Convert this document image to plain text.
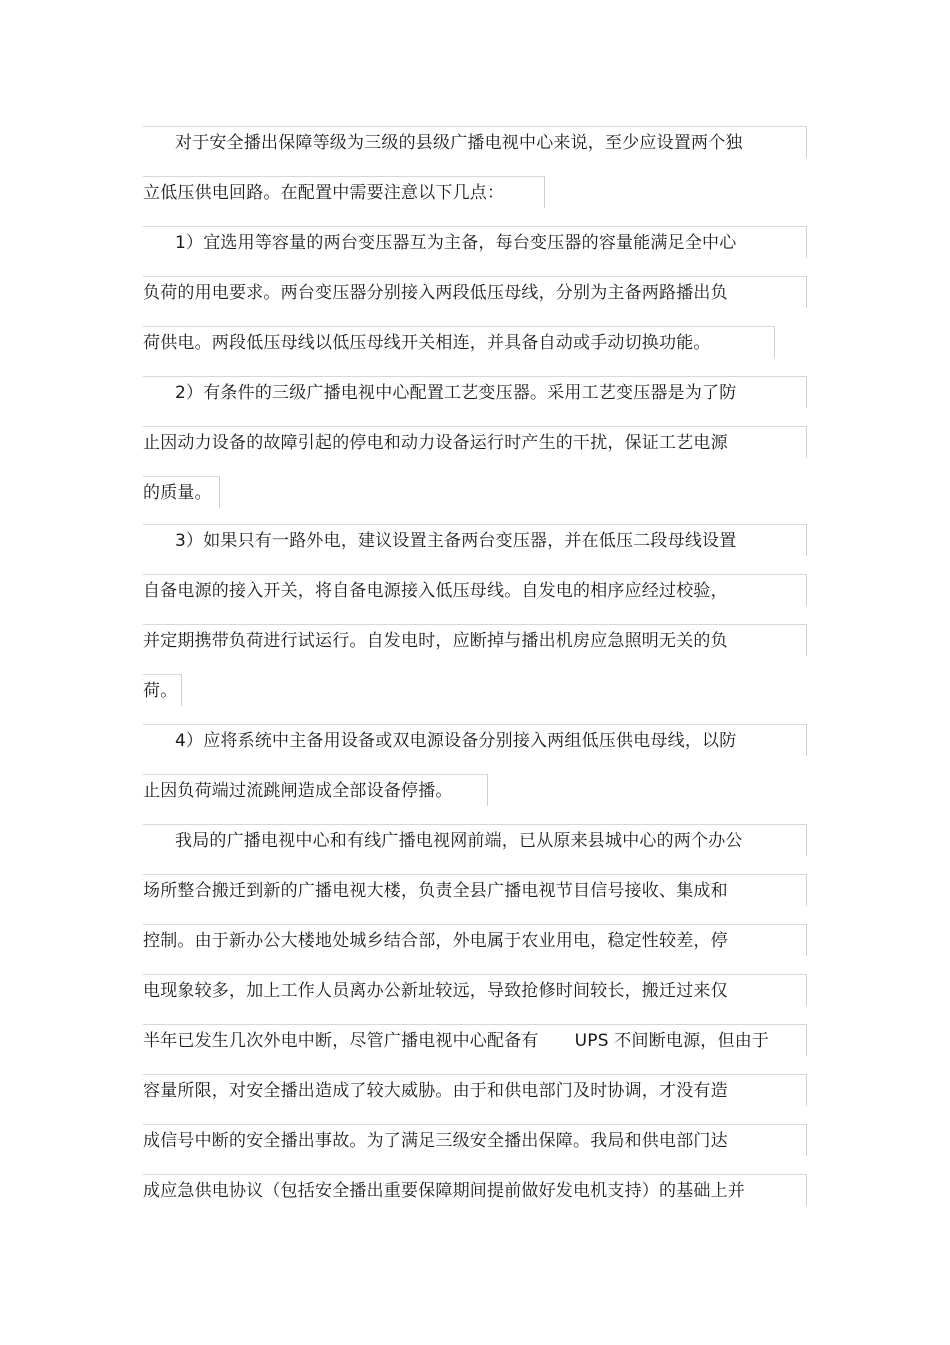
对于安全播出保障等级为三级的县级广播电视中心来说，至少应设置两个独
立低压供电回路。在配置中需要注意以下几点：
1）宜选用等容量的两台变压器互为主备，每台变压器的容量能满足全中心
负荷的用电要求。两台变压器分别接入两段低压母线，分别为主备两路播出负
荷供电。两段低压母线以低压母线开关相连，并具备自动或手动切换功能。
2）有条件的三级广播电视中心配置工艺变压器。采用工艺变压器是为了防
止因动力设备的故障引起的停电和动力设备运行时产生的干扰，保证工艺电源
的质量。
3）如果只有一路外电，建议设置主备两台变压器，并在低压二段母线设置
自备电源的接入开关，将自备电源接入低压母线。自发电的相序应经过校验，
并定期携带负荷进行试运行。自发电时，应断掉与播出机房应急照明无关的负
荷。
4）应将系统中主备用设备或双电源设备分别接入两组低压供电母线，以防
止因负荷端过流跳闸造成全部设备停播。
我局的广播电视中心和有线广播电视网前端，已从原来县城中心的两个办公
场所整合搬迁到新的广播电视大楼，负责全县广播电视节目信号接收、集成和
控制。由于新办公大楼地处城乡结合部，外电属于农业用电，稳定性较差，停
电现象较多，加上工作人员离办公新址较远，导致抢修时间较长，搬迁过来仅
半年已发生几次外电中断，尽管广播电视中心配备有 UPS 不间断电源，但由于
容量所限，对安全播出造成了较大威胁。由于和供电部门及时协调，才没有造
成信号中断的安全播出事故。为了满足三级安全播出保障。我局和供电部门达
成应急供电协议（包括安全播出重要保障期间提前做好发电机支持）的基础上并
